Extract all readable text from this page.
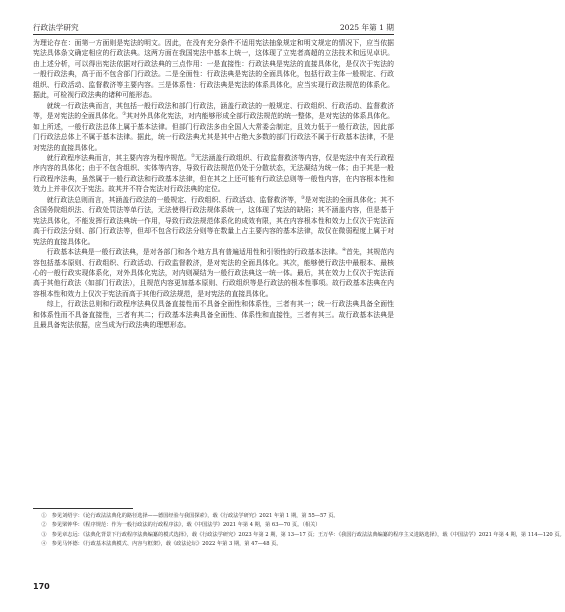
行政法学研究	2025 年第 1 期

为理论存在：面第一方面则是宪法的明文。因此，在没有充分条件不适用宪法抽象规定和明文规定的情况下，应当依据宪法具体条文确定相应的行政法典。这两方面在我国宪法中基本上统一，这体现了立宪者高超的立法技术和远见卓识。由上述分析，可以得出宪法依据对行政法典的三点作用：一是直接性：行政法典是宪法的直接具体化，是仅次于宪法的一般行政法典，高于而不包含部门行政法。二是全面性：行政法典是宪法的全面具体化，包括行政主体一般规定、行政组织、行政活动、监督救济等主要内容。三是体系性：行政法典是宪法的体系具体化，应当实现行政法规范的体系化。据此，可检视行政法典的诸种可能形态。

就统一行政法典而言，其包括一般行政法和部门行政法，涵盖行政法的一般规定、行政组织、行政活动、监督救济等，是对宪法的全面具体化。①其对外具体化宪法，对内能够形成全部行政法规范的统一整体，是对宪法的体系具体化。如上所述，一般行政法总体上属于基本法律。但部门行政法多由全国人大常委会制定，且效力低于一般行政法，因此部门行政法总体上不属于基本法律。据此，统一行政法典尤其是其中占绝大多数的部门行政法不属于行政基本法律，不是对宪法的直接具体化。

就行政程序法典而言，其主要内容为程序规范。②无法涵盖行政组织、行政监督救济等内容，仅是宪法中有关行政程序内容的具体化；由于不包含组织、实体等内容，导致行政法规范仍处于分散状态，无法凝结为统一体；由于其是一般行政程序法典，虽然属于一般行政法和行政基本法律，但在其之上还可能有行政法总则等一般性内容，在内容根本性和效力上并非仅次于宪法。故其并不符合宪法对行政法典的定位。

就行政法总则而言，其涵盖行政法的一般规定、行政组织、行政活动、监督救济等，③是对宪法的全面具体化；其不含国务院组织法、行政处罚法等单行法，无法使得行政法规体系统一，这体现了宪法的缺陷；其不涵盖内容，但是基于宪法具体化，不能发挥行政法典统一作用，导致行政法规范体系化的成效有限，其在内容根本性和效力上仅次于宪法而高于行政法分则、部门行政法等，但却不包含行政法分则等在数量上占主要内容的基本法律，故仅在微弱程度上属于对宪法的直接具体化。

行政基本法典是一般行政法典，是对各部门和各个地方具有普遍适用性和引领性的行政基本法律。④首先，其规范内容包括基本原则、行政组织、行政活动、行政监督救济，是对宪法的全面具体化。其次，能够使行政法中最根本、最核心的一般行政实现体系化，对外具体化宪法，对内则凝结为一般行政法典这一统一体。最后，其在效力上仅次于宪法而高于其他行政法（如部门行政法），且规范内容更加基本原则、行政组织等是行政法的根本性事项。故行政基本法典在内容根本性和效力上仅次于宪法而高于其他行政法规范，是对宪法的直接具体化。

综上，行政法总则和行政程序法典仅具备直接性而不具备全面性和体系性，三者有其一；统一行政法典具备全面性和体系性而不具备直接性，三者有其二；行政基本法典具备全面性、体系性和直接性，三者有其三。故行政基本法典是且最具备宪法依据，应当成为行政法典的理想形态。

①　参见刘绍宇：《论行政法法典化的路径选择——德国经验与我国探索》，载《行政法学研究》2021 年第 1 期，第 55—57 页。

②　参见梁钟华：《程序规范：作为一般行政法的行政程序法》，载《中国法学》2021 年第 4 期，第 63—70 页。（相关）

③　参见章志远：《法典化背景下行政程序法典编纂的模式选择》，载《行政法学研究》2023 年第 2 期，第 13—17 页；王万华：《我国行政法法典编纂的程序主义进路选择》，载《中国法学》2021 年第 4 期，第 114—120 页。

④　参见马怀德：《行政基本法典模式、内容与框架》，载《政法论坛》2022 年第 3 期，第 47—48 页。

170
